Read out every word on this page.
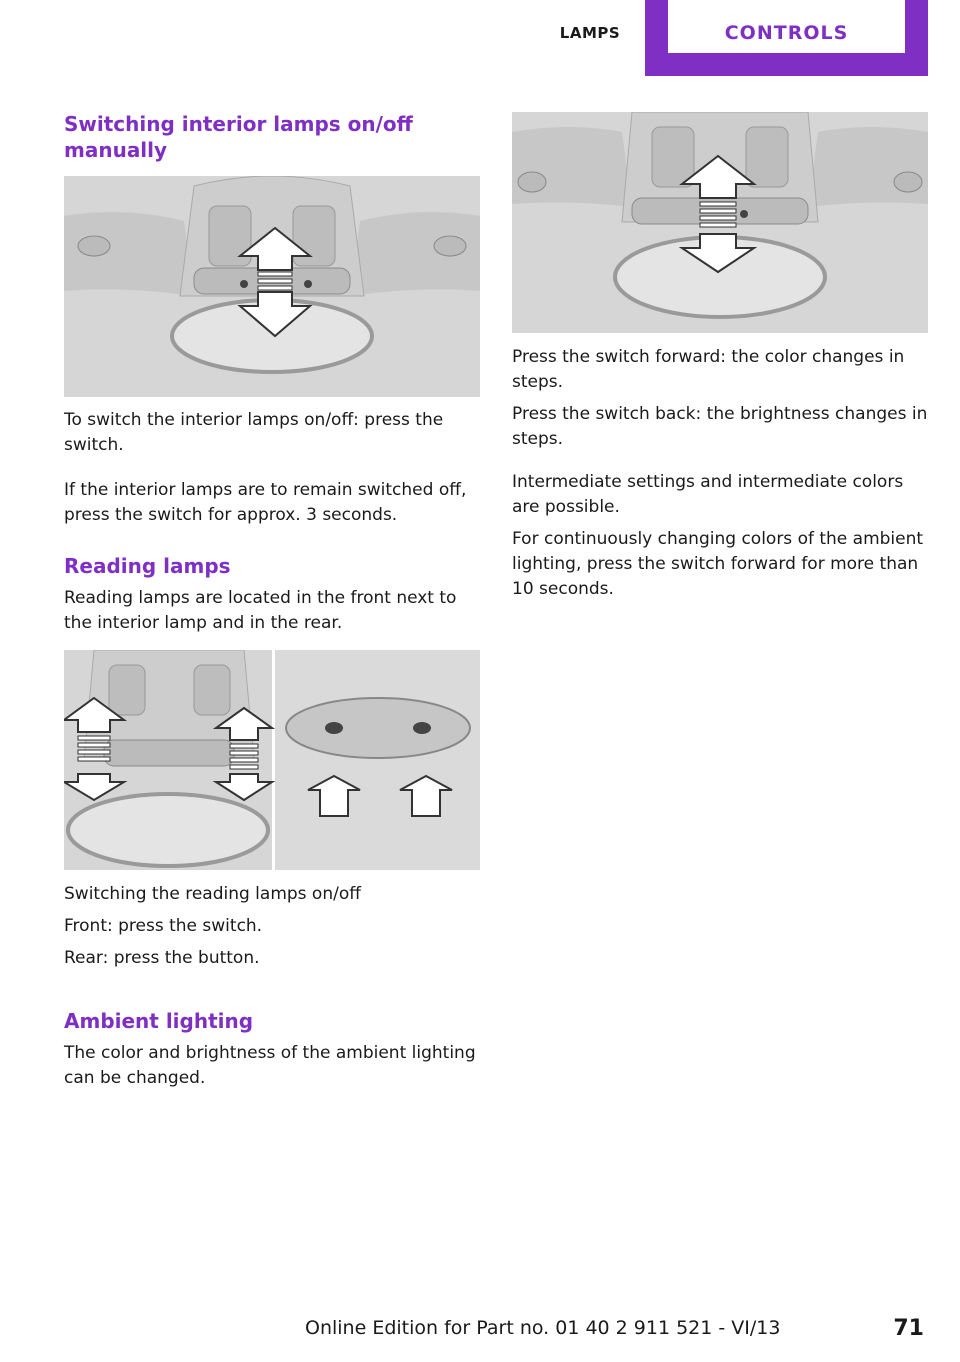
LAMPS	CONTROLS
Switching interior lamps on/off manually

To switch the interior lamps on/off: press the switch.

If the interior lamps are to remain switched off, press the switch for approx. 3 seconds.

Reading lamps

Reading lamps are located in the front next to the interior lamp and in the rear.

Switching the reading lamps on/off

Front: press the switch.

Rear: press the button.

Ambient lighting

The color and brightness of the ambient lighting can be changed.

Press the switch forward: the color changes in steps.

Press the switch back: the brightness changes in steps.

Intermediate settings and intermediate colors are possible.

For continuously changing colors of the ambient lighting, press the switch forward for more than 10 seconds.

Online Edition for Part no. 01 40 2 911 521 - VI/13	71
